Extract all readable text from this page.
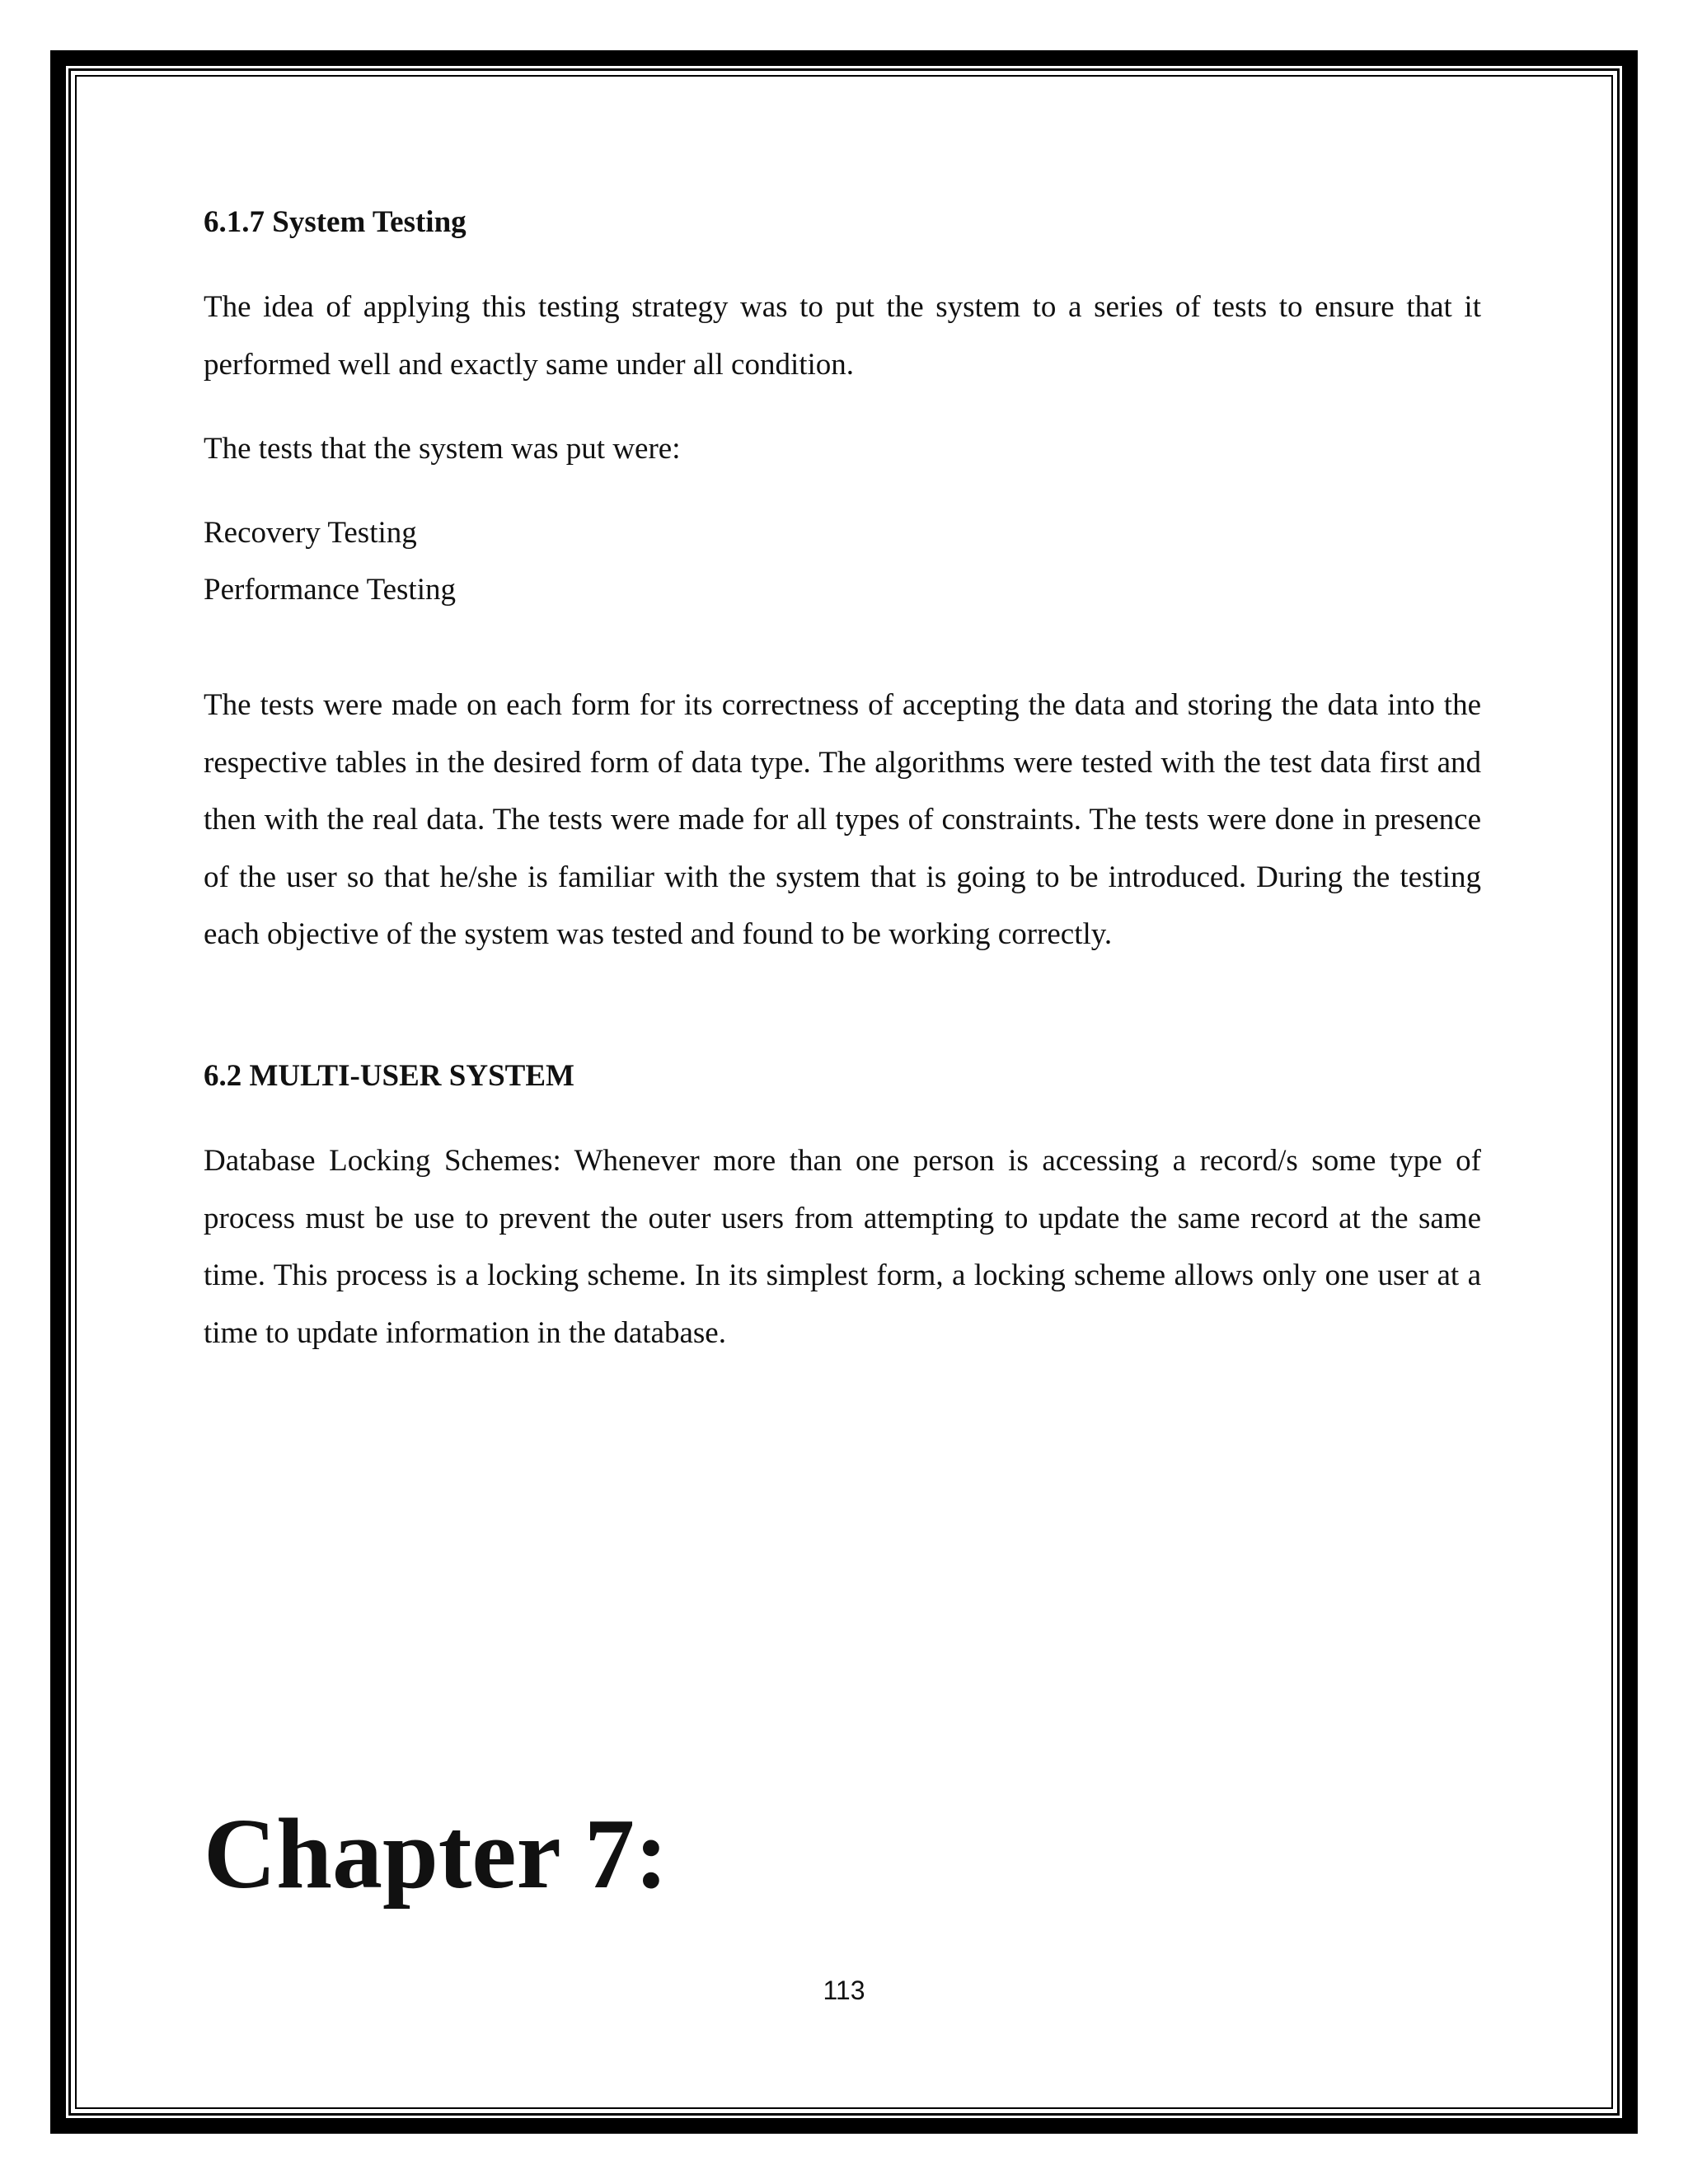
6.1.7 System Testing

The idea of applying this testing strategy was to put the system to a series of tests to ensure that it performed well and exactly same under all condition.

The tests that the system was put were:
Recovery Testing
Performance Testing

The tests were made on each form for its correctness of accepting the data and storing the data into the respective tables in the desired form of data type. The algorithms were tested with the test data first and then with the real data. The tests were made for all types of constraints. The tests were done in presence of the user so that he/she is familiar with the system that is going to be introduced. During the testing each objective of the system was tested and found to be working correctly.

6.2 MULTI-USER SYSTEM

Database Locking Schemes: Whenever more than one person is accessing a record/s some type of process must be use to prevent the outer users from attempting to update the same record at the same time. This process is a locking scheme. In its simplest form, a locking scheme allows only one user at a time to update information in the database.

Chapter 7:
113
